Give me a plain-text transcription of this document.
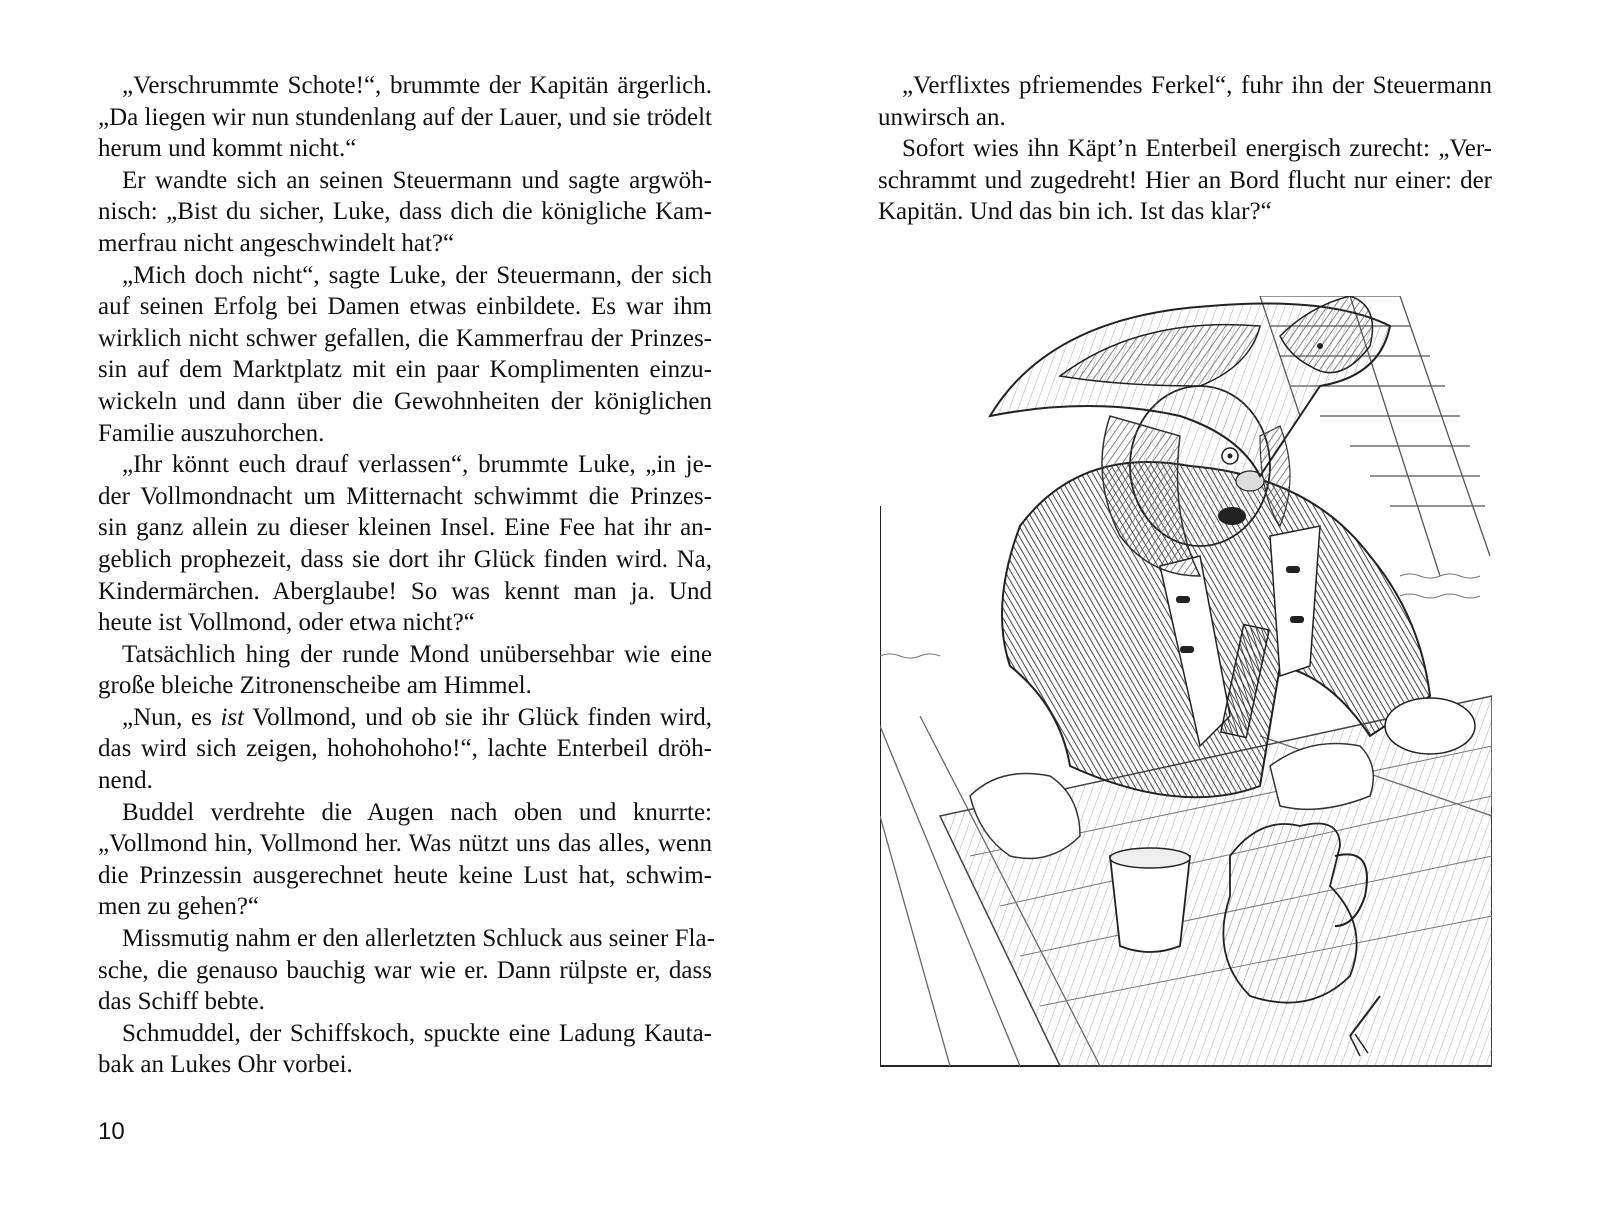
„Verschrummte Schote!“, brummte der Kapitän ärgerlich.
„Da liegen wir nun stundenlang auf der Lauer, und sie trödelt
herum und kommt nicht.“
Er wandte sich an seinen Steuermann und sagte argwöh-
nisch: „Bist du sicher, Luke, dass dich die königliche Kam-
merfrau nicht angeschwindelt hat?“
„Mich doch nicht“, sagte Luke, der Steuermann, der sich
auf seinen Erfolg bei Damen etwas einbildete. Es war ihm
wirklich nicht schwer gefallen, die Kammerfrau der Prinzes-
sin auf dem Marktplatz mit ein paar Komplimenten einzu-
wickeln und dann über die Gewohnheiten der königlichen
Familie auszuhorchen.
„Ihr könnt euch drauf verlassen“, brummte Luke, „in je-
der Vollmondnacht um Mitternacht schwimmt die Prinzes-
sin ganz allein zu dieser kleinen Insel. Eine Fee hat ihr an-
geblich prophezeit, dass sie dort ihr Glück finden wird. Na,
Kindermärchen. Aberglaube! So was kennt man ja. Und
heute ist Vollmond, oder etwa nicht?“
Tatsächlich hing der runde Mond unübersehbar wie eine
große bleiche Zitronenscheibe am Himmel.
„Nun, es ist Vollmond, und ob sie ihr Glück finden wird,
das wird sich zeigen, hohohohoho!“, lachte Enterbeil dröh-
nend.
Buddel verdrehte die Augen nach oben und knurrte:
„Vollmond hin, Vollmond her. Was nützt uns das alles, wenn
die Prinzessin ausgerechnet heute keine Lust hat, schwim-
men zu gehen?“
Missmutig nahm er den allerletzten Schluck aus seiner Fla-
sche, die genauso bauchig war wie er. Dann rülpste er, dass
das Schiff bebte.
Schmuddel, der Schiffskoch, spuckte eine Ladung Kauta-
bak an Lukes Ohr vorbei.
10
„Verflixtes pfriemendes Ferkel“, fuhr ihn der Steuermann
unwirsch an.
Sofort wies ihn Käpt’n Enterbeil energisch zurecht: „Ver-
schrammt und zugedreht! Hier an Bord flucht nur einer: der
Kapitän. Und das bin ich. Ist das klar?“
